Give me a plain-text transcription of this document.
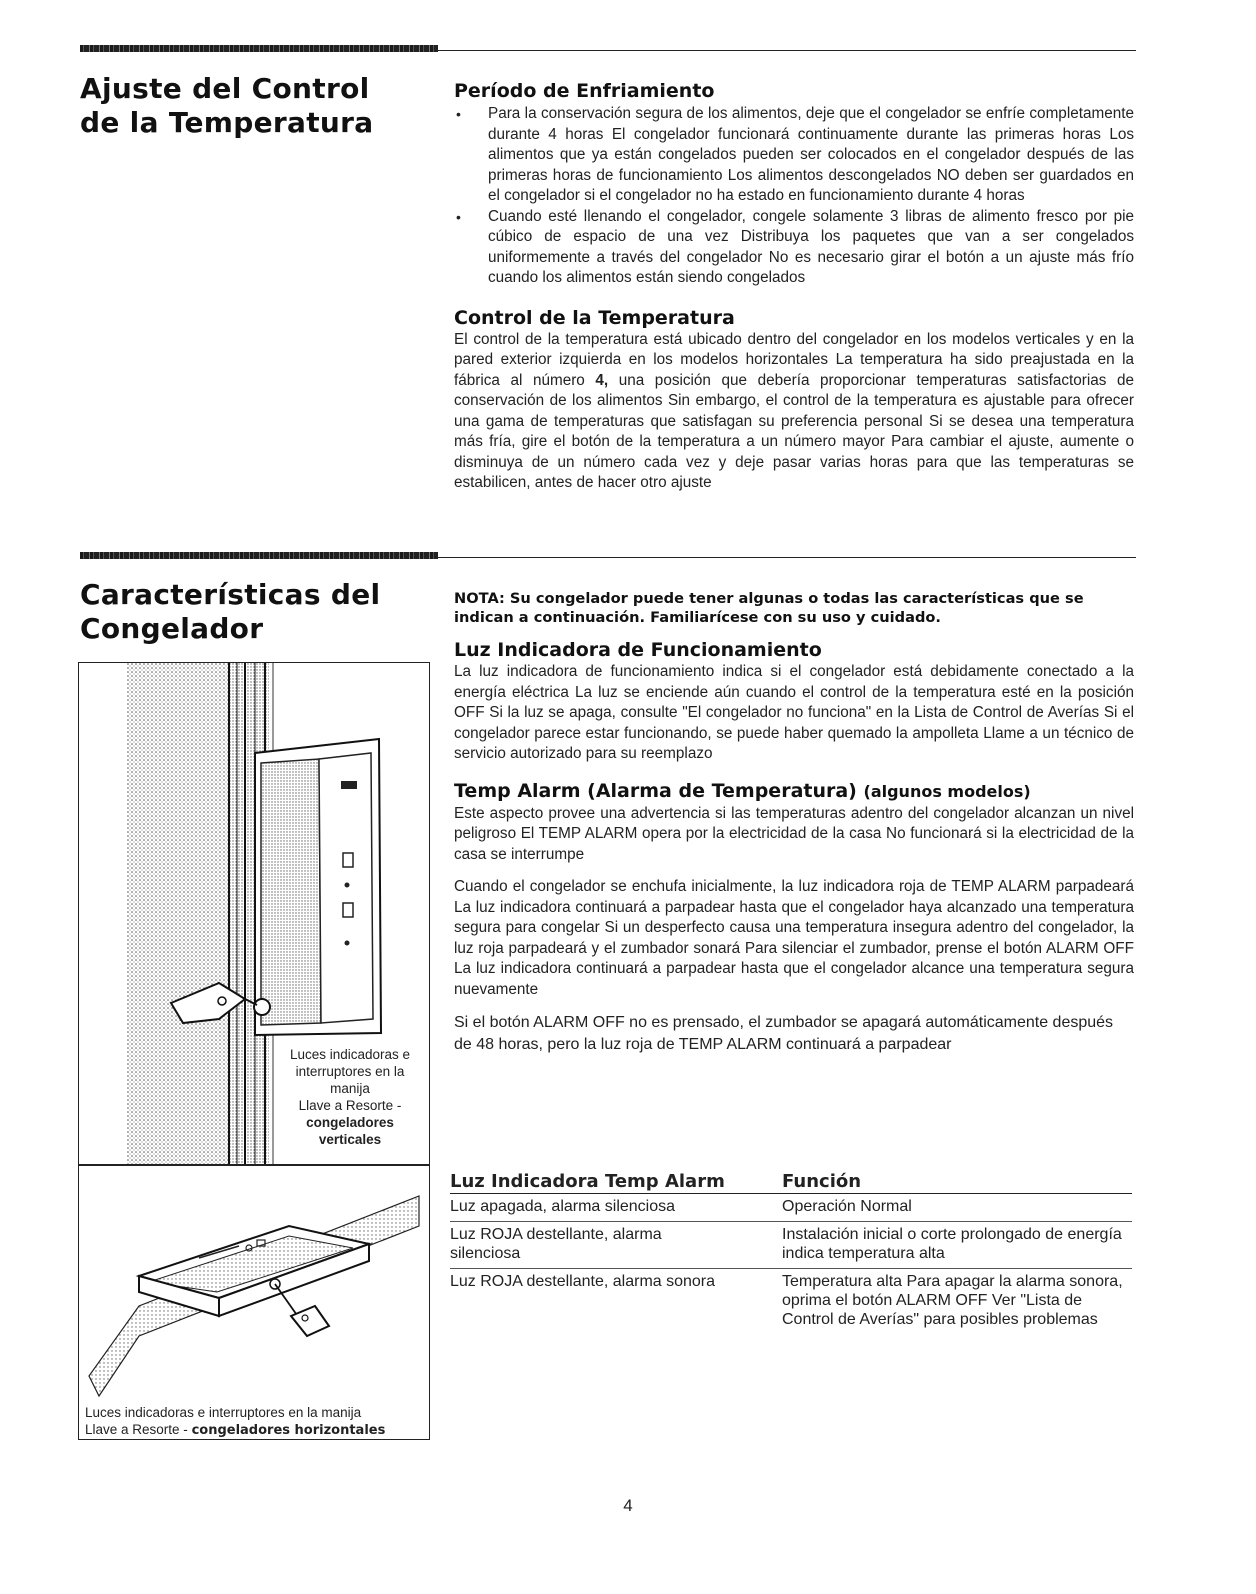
Ajuste del Control
de la Temperatura
Período de Enfriamiento
• Para la conservación segura de los alimentos, deje que el congelador se enfríe completamente durante 4 horas El congelador funcionará continuamente durante las primeras horas Los alimentos que ya están congelados pueden ser colocados en el congelador después de las primeras horas de funcionamiento Los alimentos descongelados NO deben ser guardados en el congelador si el congelador no ha estado en funcionamiento durante 4 horas
• Cuando esté llenando el congelador, congele solamente 3 libras de alimento fresco por pie cúbico de espacio de una vez Distribuya los paquetes que van a ser congelados uniformemente a través del congelador No es necesario girar el botón a un ajuste más frío cuando los alimentos están siendo congelados
Control de la Temperatura

El control de la temperatura está ubicado dentro del congelador en los modelos verticales y en la pared exterior izquierda en los modelos horizontales La temperatura ha sido preajustada en la fábrica al número 4, una posición que debería proporcionar temperaturas satisfactorias de conservación de los alimentos Sin embargo, el control de la temperatura es ajustable para ofrecer una gama de temperaturas que satisfagan su preferencia personal Si se desea una temperatura más fría, gire el botón de la temperatura a un número mayor Para cambiar el ajuste, aumente o disminuya de un número cada vez y deje pasar varias horas para que las temperaturas se estabilicen, antes de hacer otro ajuste

Características del
Congelador
Luces indicadoras e
interruptores en la
manija
Llave a Resorte -
congeladores
verticales
Luces indicadoras e interruptores en la manija
Llave a Resorte - congeladores horizontales

NOTA: Su congelador puede tener algunas o todas las características que se indican a continuación. Familiarícese con su uso y cuidado.

Luz Indicadora de Funcionamiento

La luz indicadora de funcionamiento indica si el congelador está debidamente conectado a la energía eléctrica La luz se enciende aún cuando el control de la temperatura esté en la posición OFF Si la luz se apaga, consulte "El congelador no funciona" en la Lista de Control de Averías Si el congelador parece estar funcionando, se puede haber quemado la ampolleta Llame a un técnico de servicio autorizado para su reemplazo

Temp Alarm (Alarma de Temperatura) (algunos modelos)

Este aspecto provee una advertencia si las temperaturas adentro del congelador alcanzan un nivel peligroso El TEMP ALARM opera por la electricidad de la casa No funcionará si la electricidad de la casa se interrumpe

Cuando el congelador se enchufa inicialmente, la luz indicadora roja de TEMP ALARM parpadeará La luz indicadora continuará a parpadear hasta que el congelador haya alcanzado una temperatura segura para congelar Si un desperfecto causa una temperatura insegura adentro del congelador, la luz roja parpadeará y el zumbador sonará Para silenciar el zumbador, prense el botón ALARM OFF La luz indicadora continuará a parpadear hasta que el congelador alcance una temperatura segura nuevamente

Si el botón ALARM OFF no es prensado, el zumbador se apagará automáticamente después de 48 horas, pero la luz roja de TEMP ALARM continuará a parpadear

Luz Indicadora Temp Alarm	Función
Luz apagada, alarma silenciosa	Operación Normal
Luz ROJA destellante, alarma silenciosa	Instalación inicial o corte prolongado de energía indica temperatura alta
Luz ROJA destellante, alarma sonora	Temperatura alta Para apagar la alarma sonora, oprima el botón ALARM OFF Ver "Lista de Control de Averías" para posibles problemas
4
